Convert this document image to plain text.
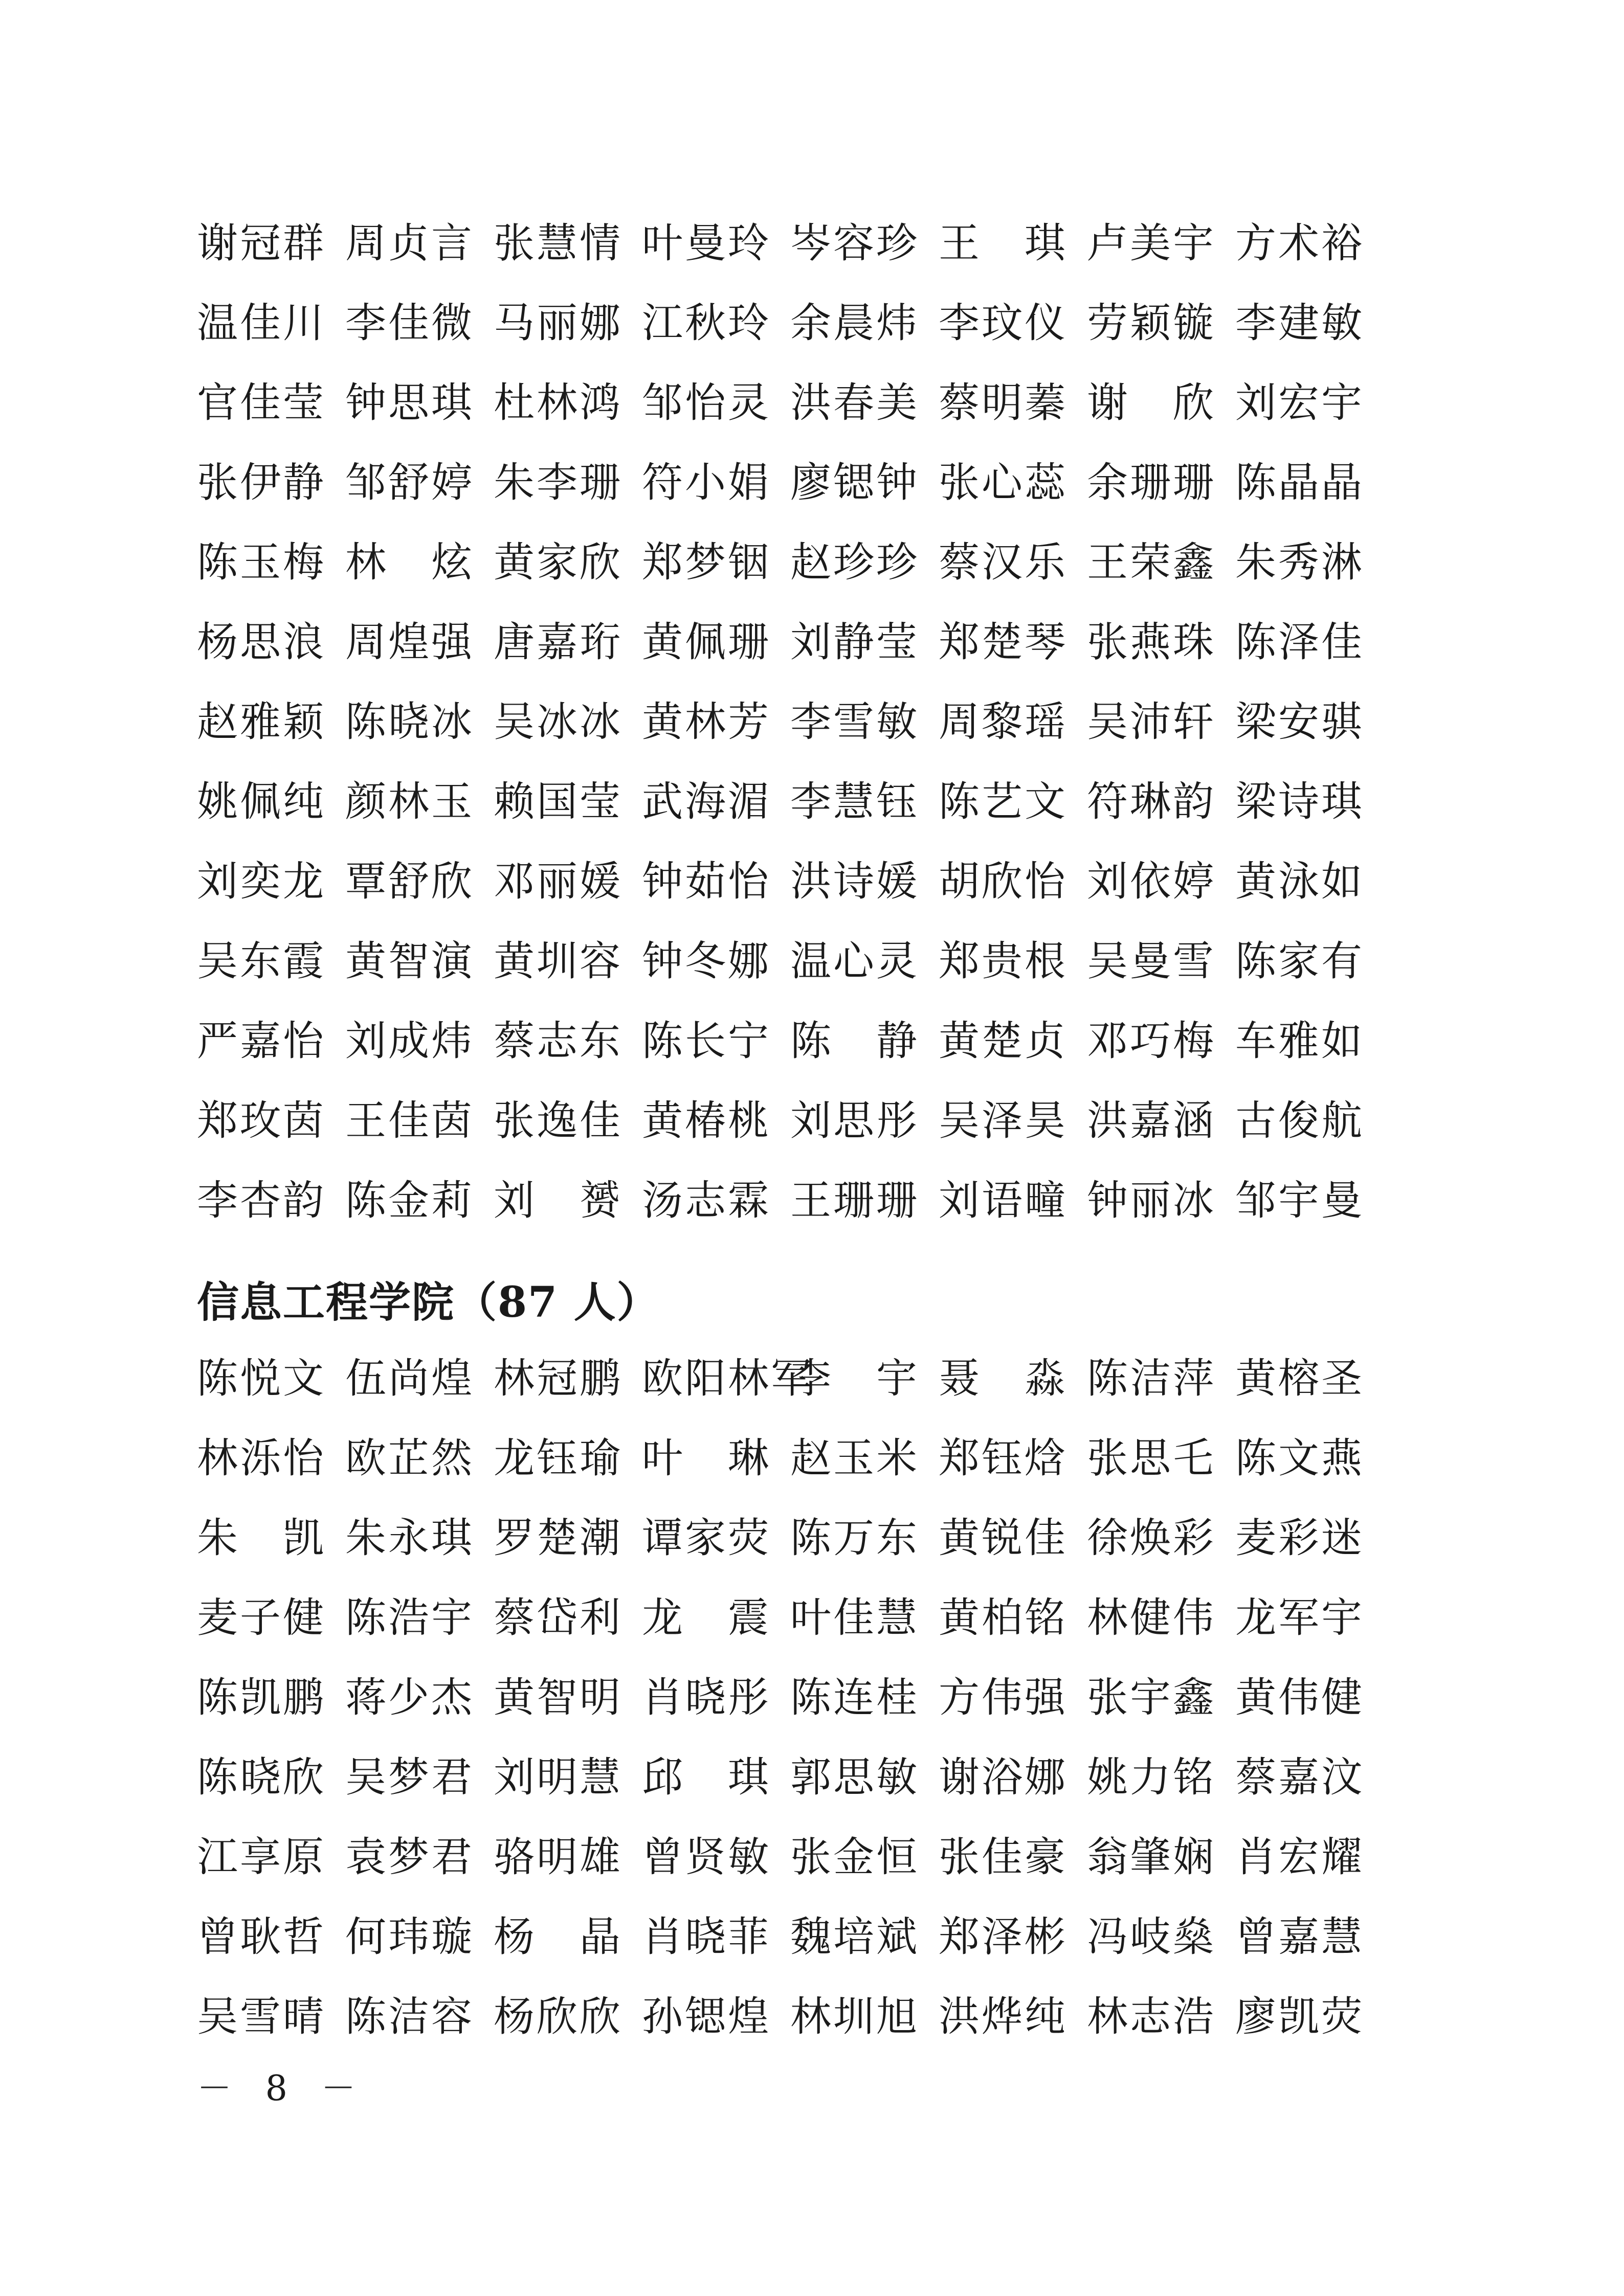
谢冠群 周贞言 张慧情 叶曼玲 岑容珍 王　琪 卢美宇 方术裕
温佳川 李佳微 马丽娜 江秋玲 余晨炜 李玟仪 劳颖镟 李建敏
官佳莹 钟思琪 杜林鸿 邹怡灵 洪春美 蔡明蓁 谢　欣 刘宏宇
张伊静 邹舒婷 朱李珊 符小娟 廖锶钟 张心蕊 余珊珊 陈晶晶
陈玉梅 林　炫 黄家欣 郑梦铟 赵珍珍 蔡汉乐 王荣鑫 朱秀淋
杨思浪 周煌强 唐嘉珩 黄佩珊 刘静莹 郑楚琴 张燕珠 陈泽佳
赵雅颖 陈晓冰 吴冰冰 黄林芳 李雪敏 周黎瑶 吴沛轩 梁安骐
姚佩纯 颜林玉 赖国莹 武海湄 李慧钰 陈艺文 符琳韵 梁诗琪
刘奕龙 覃舒欣 邓丽媛 钟茹怡 洪诗媛 胡欣怡 刘依婷 黄泳如
吴东霞 黄智演 黄圳容 钟冬娜 温心灵 郑贵根 吴曼雪 陈家有
严嘉怡 刘成炜 蔡志东 陈长宁 陈　静 黄楚贞 邓巧梅 车雅如
郑玫茵 王佳茵 张逸佳 黄椿桃 刘思彤 吴泽昊 洪嘉涵 古俊航
李杏韵 陈金莉 刘　赟 汤志霖 王珊珊 刘语疃 钟丽冰 邹宇曼
信息工程学院（87 人）
陈悦文 伍尚煌 林冠鹏 欧阳林军
李　宇 聂　淼 陈洁萍 黄榕圣
林泺怡 欧芷然 龙钰瑜 叶　琳 赵玉米 郑钰焓 张思乇 陈文燕
朱　凯 朱永琪 罗楚潮 谭家荧 陈万东 黄锐佳 徐焕彩 麦彩迷
麦子健 陈浩宇 蔡岱利 龙　震 叶佳慧 黄柏铭 林健伟 龙军宇
陈凯鹏 蒋少杰 黄智明 肖晓彤 陈连桂 方伟强 张宇鑫 黄伟健
陈晓欣 吴梦君 刘明慧 邱　琪 郭思敏 谢浴娜 姚力铭 蔡嘉汶
江享原 袁梦君 骆明雄 曾贤敏 张金恒 张佳豪 翁肇娴 肖宏耀
曾耿哲 何玮璇 杨　晶 肖晓菲 魏培斌 郑泽彬 冯岐燊 曾嘉慧
吴雪晴 陈洁容 杨欣欣 孙锶煌 林圳旭 洪烨纯 林志浩 廖凯荧
－ 8 －
